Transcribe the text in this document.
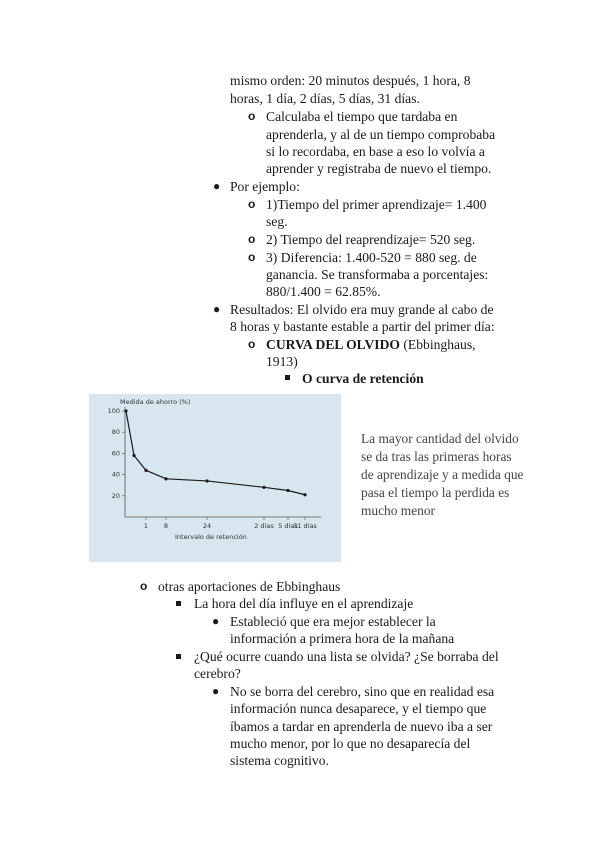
mismo orden: 20 minutos después, 1 hora, 8
horas, 1 día, 2 días, 5 días, 31 días.
o Calculaba el tiempo que tardaba en
aprenderla, y al de un tiempo comprobaba
si lo recordaba, en base a eso lo volvía a
aprender y registraba de nuevo el tiempo.
● Por ejemplo:
o 1)Tiempo del primer aprendizaje= 1.400
seg.
o 2) Tiempo del reaprendizaje= 520 seg.
o 3) Diferencia: 1.400-520 = 880 seg. de
ganancia. Se transformaba a porcentajes:
880/1.400 = 62.85%.
● Resultados: El olvido era muy grande al cabo de
8 horas y bastante estable a partir del primer día:
o CURVA DEL OLVIDO (Ebbinghaus,
1913)
O curva de retención
100
80
60
40
20
1 8	24	2 días 5 días
31 días
Medida de ahorro (%)
Intervalo de retención
La mayor cantidad del olvido
se da tras las primeras horas
de aprendizaje y a medida que
pasa el tiempo la perdida es
mucho menor
o otras aportaciones de Ebbinghaus
La hora del día influye en el aprendizaje
● Estableció que era mejor establecer la
información a primera hora de la mañana
¿Qué ocurre cuando una lista se olvida? ¿Se borraba del
cerebro?
● No se borra del cerebro, sino que en realidad esa
información nunca desaparece, y el tiempo que
íbamos a tardar en aprenderla de nuevo iba a ser
mucho menor, por lo que no desaparecía del
sistema cognitivo.
